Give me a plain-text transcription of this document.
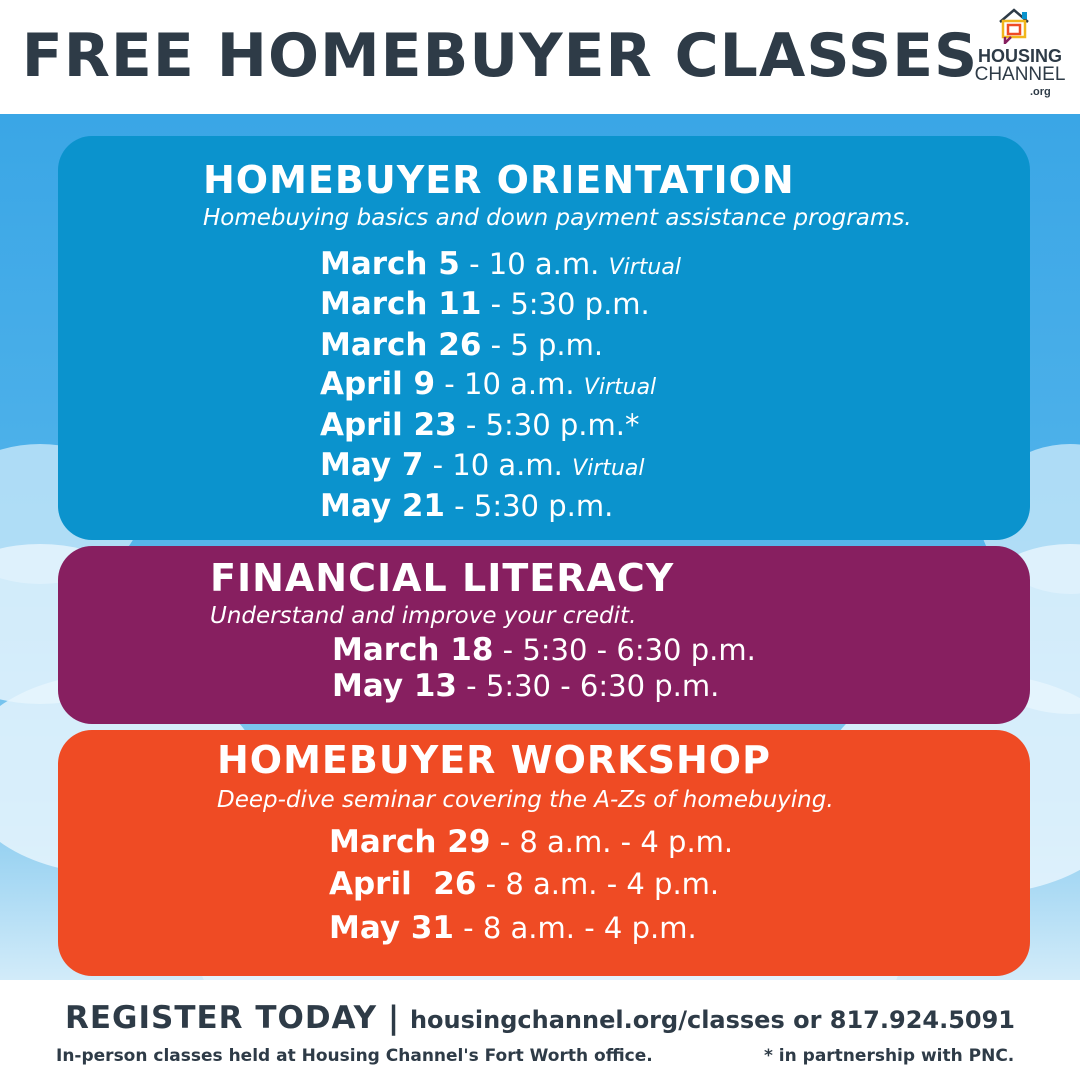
FREE HOMEBUYER CLASSES HOUSING
CHANNEL
.org
HOMEBUYER ORIENTATION
Homebuying basics and down payment assistance programs.
March 5 - 10 a.m. Virtual
March 11 - 5:30 p.m.
March 26 - 5 p.m.
April 9 - 10 a.m. Virtual
April 23 - 5:30 p.m.*
May 7 - 10 a.m. Virtual
May 21 - 5:30 p.m.
FINANCIAL LITERACY
Understand and improve your credit.
March 18 - 5:30 - 6:30 p.m.
May 13 - 5:30 - 6:30 p.m.
HOMEBUYER WORKSHOP
Deep-dive seminar covering the A-Zs of homebuying.
March 29 - 8 a.m. - 4 p.m.
April  26 - 8 a.m. - 4 p.m.
May 31 - 8 a.m. - 4 p.m.
REGISTER TODAY | housingchannel.org/classes or 817.924.5091
In-person classes held at Housing Channel's Fort Worth office.	* in partnership with PNC.
